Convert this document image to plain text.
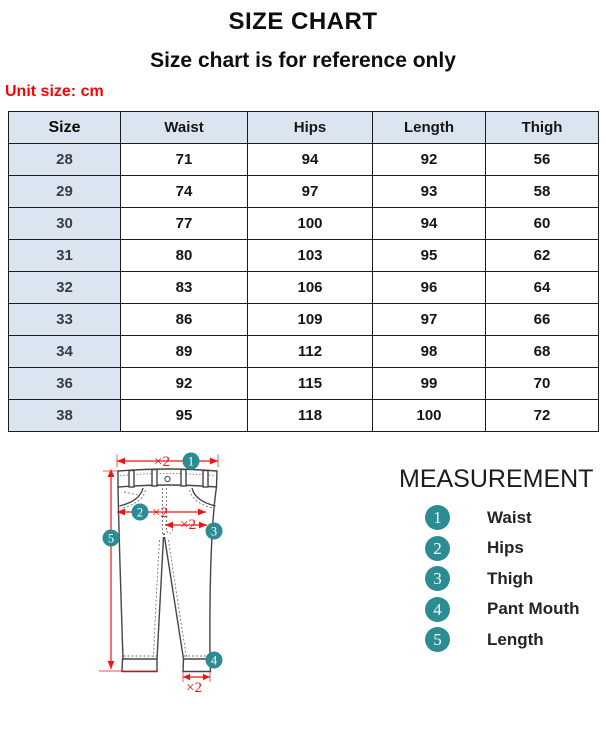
SIZE CHART
Size chart is for reference only
Unit size: cm
Size	Waist	Hips	Length	Thigh
28	71	94	92	56
29	74	97	93	58
30	77	100	94	60
31	80	103	95	62
32	83	106	96	64
33	86	109	97	66
34	89	112	98	68
36	92	115	99	70
38	95	118	100	72
×2
×2
×2
×2
1
2
3
4
5
MEASUREMENT
1	Waist
2	Hips
3	Thigh
4	Pant Mouth
5	Length
